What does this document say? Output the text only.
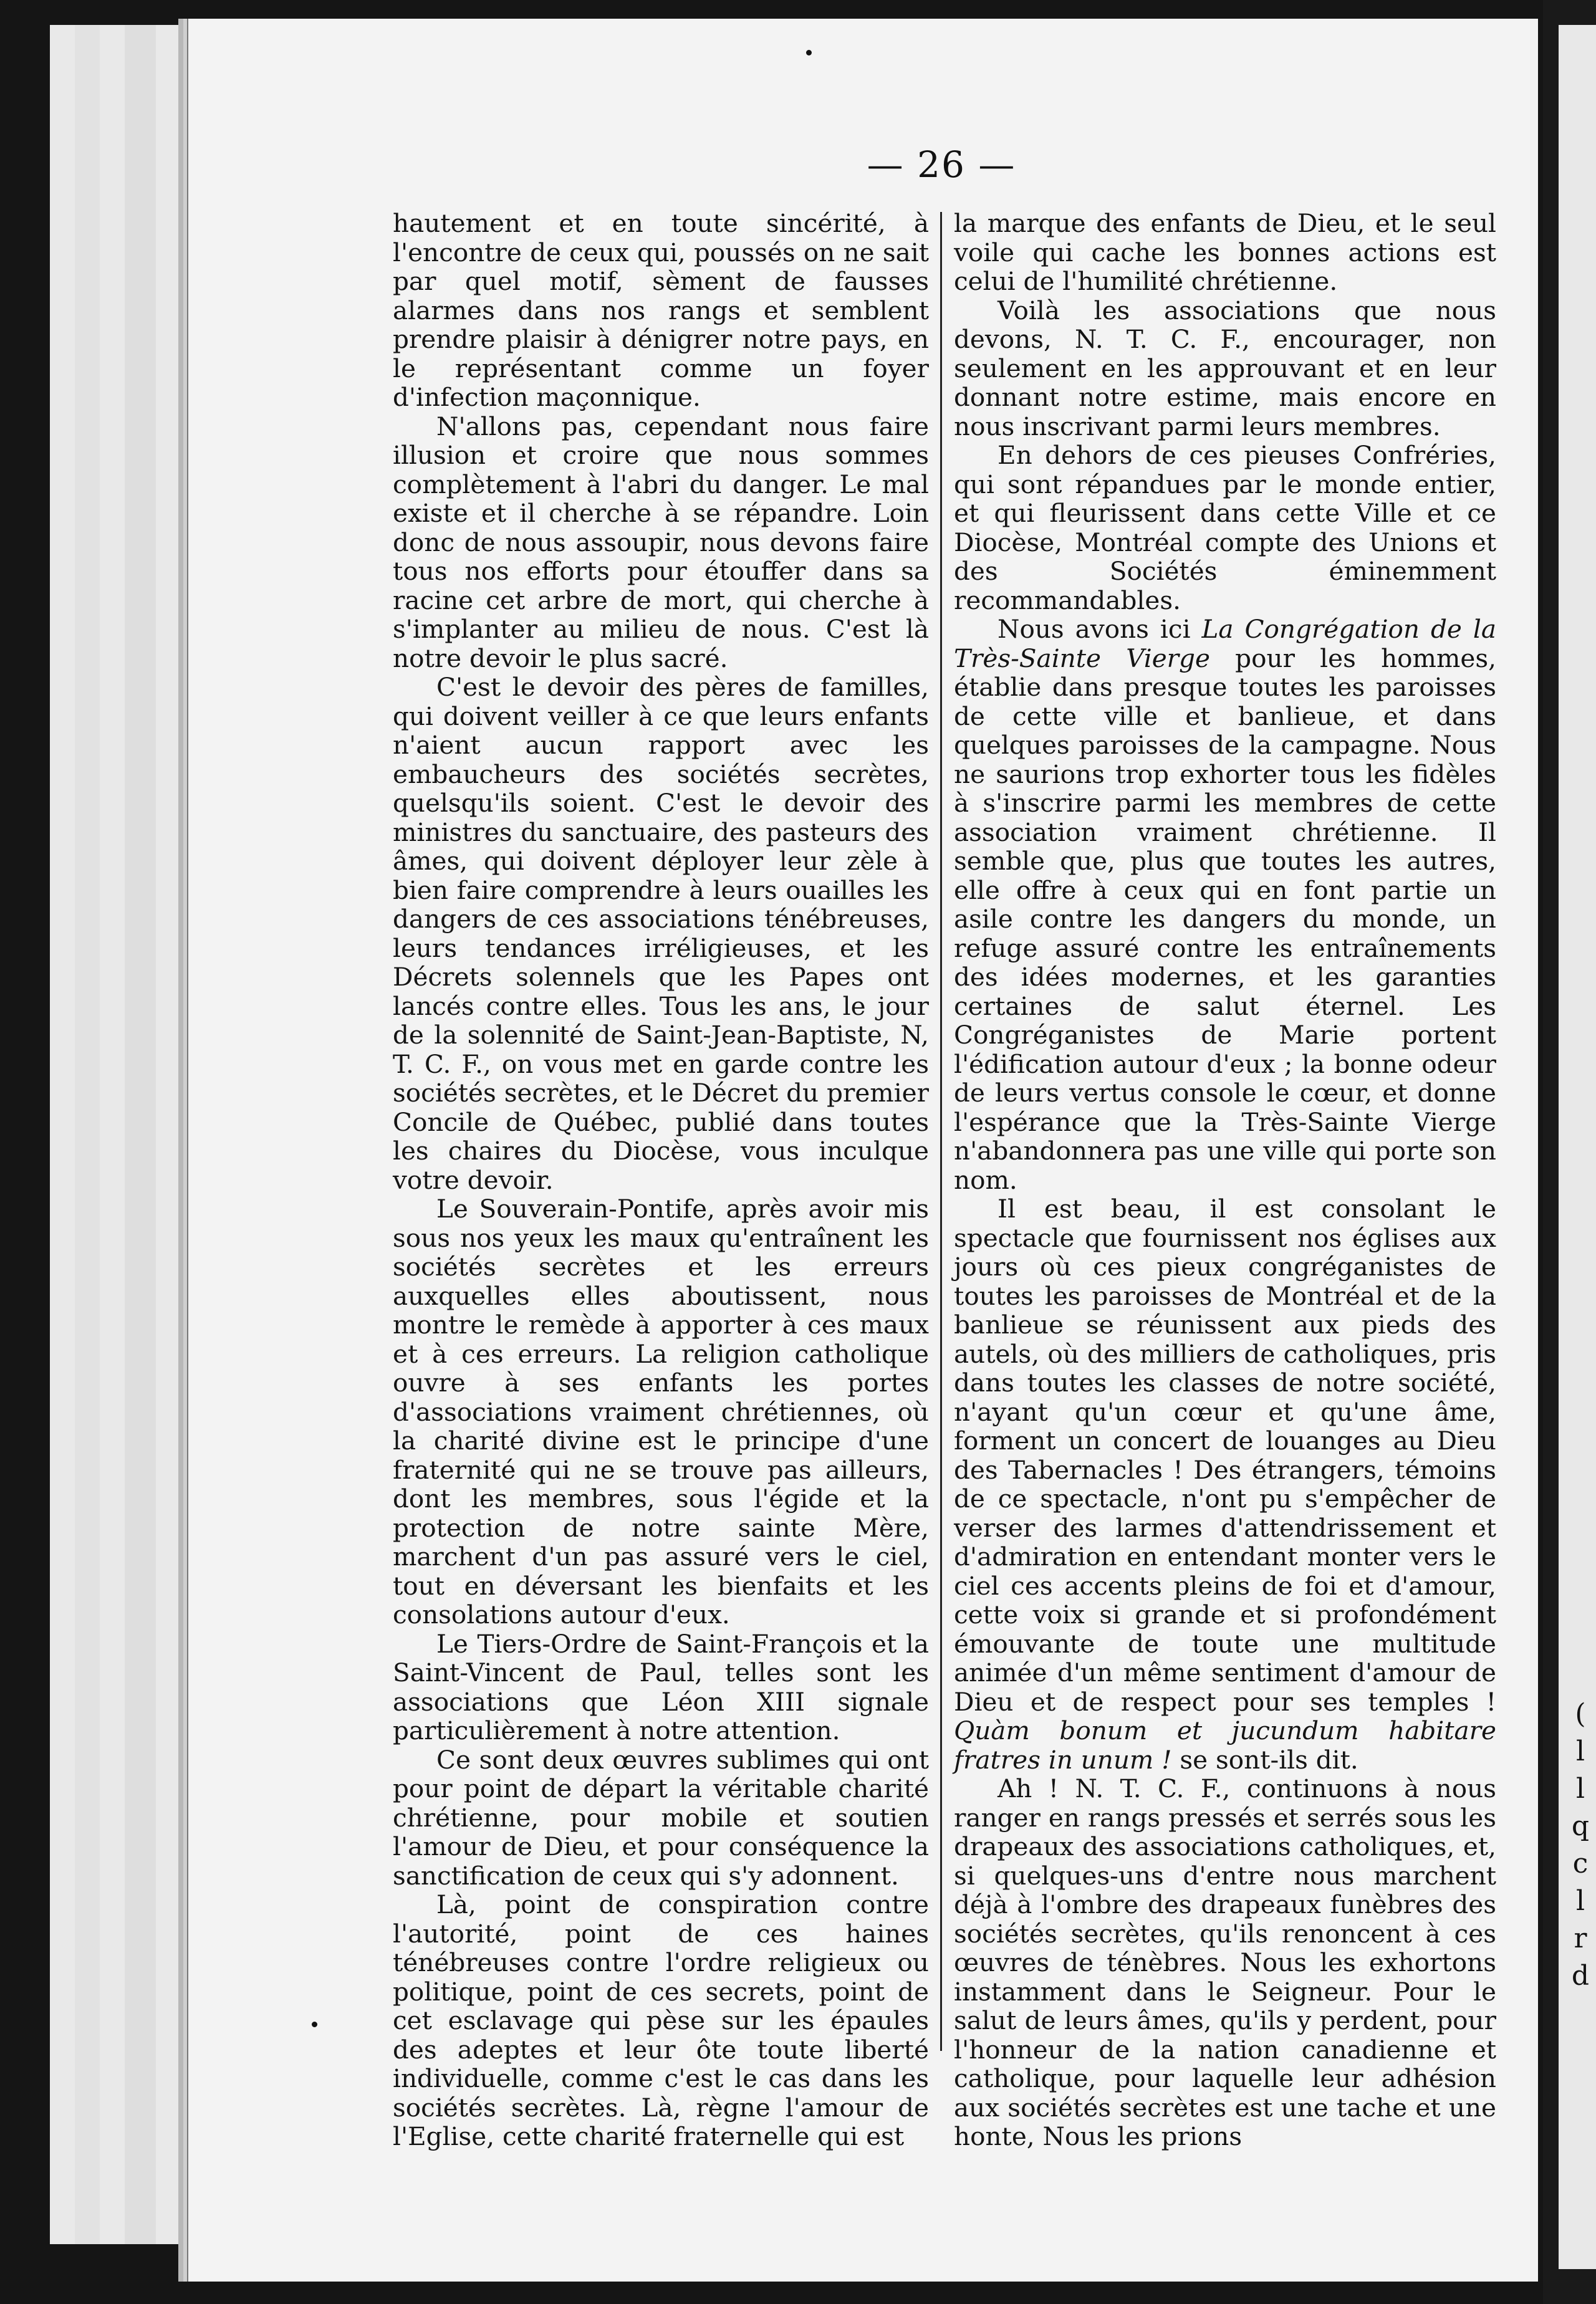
(
l
l
q
c
l
r
d
— 26 —

hautement et en toute sincérité, à l'encontre de ceux qui, poussés on ne sait par quel motif, sèment de fausses alarmes dans nos rangs et semblent prendre plaisir à dénigrer notre pays, en le représentant comme un foyer d'infection maçonnique.

N'allons pas, cependant nous faire illusion et croire que nous sommes complètement à l'abri du danger. Le mal existe et il cherche à se répandre. Loin donc de nous assoupir, nous devons faire tous nos efforts pour étouffer dans sa racine cet arbre de mort, qui cherche à s'implanter au milieu de nous. C'est là notre devoir le plus sacré.

C'est le devoir des pères de familles, qui doivent veiller à ce que leurs enfants n'aient aucun rapport avec les embaucheurs des sociétés secrètes, quelsqu'ils soient. C'est le devoir des ministres du sanctuaire, des pasteurs des âmes, qui doivent déployer leur zèle à bien faire comprendre à leurs ouailles les dangers de ces associations ténébreuses, leurs tendances irréligieuses, et les Décrets solennels que les Papes ont lancés contre elles. Tous les ans, le jour de la solennité de Saint-Jean-Baptiste, N, T. C. F., on vous met en garde contre les sociétés secrètes, et le Décret du premier Concile de Québec, publié dans toutes les chaires du Diocèse, vous inculque votre devoir.

Le Souverain-Pontife, après avoir mis sous nos yeux les maux qu'entraînent les sociétés secrètes et les erreurs auxquelles elles aboutissent, nous montre le remède à apporter à ces maux et à ces erreurs. La religion catholique ouvre à ses enfants les portes d'associations vraiment chrétiennes, où la charité divine est le principe d'une fraternité qui ne se trouve pas ailleurs, dont les membres, sous l'égide et la protection de notre sainte Mère, marchent d'un pas assuré vers le ciel, tout en déversant les bienfaits et les consolations autour d'eux.

Le Tiers-Ordre de Saint-François et la Saint-Vincent de Paul, telles sont les associations que Léon XIII signale particulièrement à notre attention.

Ce sont deux œuvres sublimes qui ont pour point de départ la véritable charité chrétienne, pour mobile et soutien l'amour de Dieu, et pour conséquence la sanctification de ceux qui s'y adonnent.

Là, point de conspiration contre l'autorité, point de ces haines ténébreuses contre l'ordre religieux ou politique, point de ces secrets, point de cet esclavage qui pèse sur les épaules des adeptes et leur ôte toute liberté individuelle, comme c'est le cas dans les sociétés secrètes. Là, règne l'amour de l'Eglise, cette charité fraternelle qui est

la marque des enfants de Dieu, et le seul voile qui cache les bonnes actions est celui de l'humilité chrétienne.

Voilà les associations que nous devons, N. T. C. F., encourager, non seulement en les approuvant et en leur donnant notre estime, mais encore en nous inscrivant parmi leurs membres.

En dehors de ces pieuses Confréries, qui sont répandues par le monde entier, et qui fleurissent dans cette Ville et ce Diocèse, Montréal compte des Unions et des Sociétés éminemment recommandables.

Nous avons ici La Congrégation de la Très-Sainte Vierge pour les hommes, établie dans presque toutes les paroisses de cette ville et banlieue, et dans quelques paroisses de la campagne. Nous ne saurions trop exhorter tous les fidèles à s'inscrire parmi les membres de cette association vraiment chrétienne. Il semble que, plus que toutes les autres, elle offre à ceux qui en font partie un asile contre les dangers du monde, un refuge assuré contre les entraînements des idées modernes, et les garanties certaines de salut éternel. Les Congréganistes de Marie portent l'édification autour d'eux ; la bonne odeur de leurs vertus console le cœur, et donne l'espérance que la Très-Sainte Vierge n'abandonnera pas une ville qui porte son nom.

Il est beau, il est consolant le spectacle que fournissent nos églises aux jours où ces pieux congréganistes de toutes les paroisses de Montréal et de la banlieue se réunissent aux pieds des autels, où des milliers de catholiques, pris dans toutes les classes de notre société, n'ayant qu'un cœur et qu'une âme, forment un concert de louanges au Dieu des Tabernacles ! Des étrangers, témoins de ce spectacle, n'ont pu s'empêcher de verser des larmes d'attendrissement et d'admiration en entendant monter vers le ciel ces accents pleins de foi et d'amour, cette voix si grande et si profondément émouvante de toute une multitude animée d'un même sentiment d'amour de Dieu et de respect pour ses temples ! Quàm bonum et jucundum habitare fratres in unum ! se sont-ils dit.

Ah ! N. T. C. F., continuons à nous ranger en rangs pressés et serrés sous les drapeaux des associations catholiques, et, si quelques-uns d'entre nous marchent déjà à l'ombre des drapeaux funèbres des sociétés secrètes, qu'ils renoncent à ces œuvres de ténèbres. Nous les exhortons instamment dans le Seigneur. Pour le salut de leurs âmes, qu'ils y perdent, pour l'honneur de la nation canadienne et catholique, pour laquelle leur adhésion aux sociétés secrètes est une tache et une honte, Nous les prions
